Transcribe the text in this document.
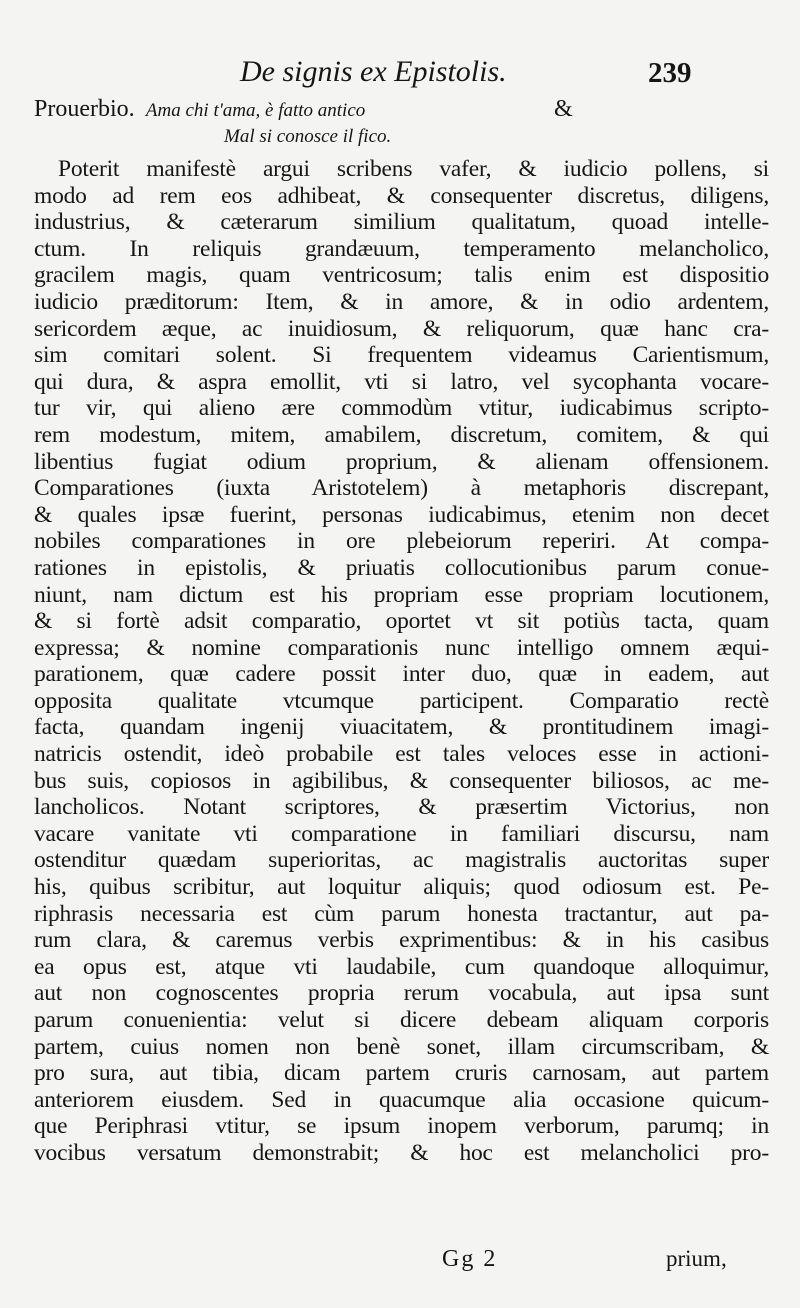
De signis ex Epistolis.	239
Prouerbio. Ama chi t'ama, è fatto antico	&
Mal si conosce il fico.
Poterit manifestè argui scribens vafer, & iudicio pollens, si
modo ad rem eos adhibeat, & consequenter discretus, diligens,
industrius, & cæterarum similium qualitatum, quoad intelle-
ctum. In reliquis grandæuum, temperamento melancholico,
gracilem magis, quam ventricosum; talis enim est dispositio
iudicio præditorum: Item, & in amore, & in odio ardentem,
sericordem æque, ac inuidiosum, & reliquorum, quæ hanc cra-
sim comitari solent. Si frequentem videamus Carientismum,
qui dura, & aspra emollit, vti si latro, vel sycophanta vocare-
tur vir, qui alieno ære commodùm vtitur, iudicabimus scripto-
rem modestum, mitem, amabilem, discretum, comitem, & qui
libentius fugiat odium proprium, & alienam offensionem.
Comparationes (iuxta Aristotelem) à metaphoris discrepant,
& quales ipsæ fuerint, personas iudicabimus, etenim non decet
nobiles comparationes in ore plebeiorum reperiri. At compa-
rationes in epistolis, & priuatis collocutionibus parum conue-
niunt, nam dictum est his propriam esse propriam locutionem,
& si fortè adsit comparatio, oportet vt sit potiùs tacta, quam
expressa; & nomine comparationis nunc intelligo omnem æqui-
parationem, quæ cadere possit inter duo, quæ in eadem, aut
opposita qualitate vtcumque participent. Comparatio rectè
facta, quandam ingenij viuacitatem, & prontitudinem imagi-
natricis ostendit, ideò probabile est tales veloces esse in actioni-
bus suis, copiosos in agibilibus, & consequenter biliosos, ac me-
lancholicos. Notant scriptores, & præsertim Victorius, non
vacare vanitate vti comparatione in familiari discursu, nam
ostenditur quædam superioritas, ac magistralis auctoritas super
his, quibus scribitur, aut loquitur aliquis; quod odiosum est. Pe-
riphrasis necessaria est cùm parum honesta tractantur, aut pa-
rum clara, & caremus verbis exprimentibus: & in his casibus
ea opus est, atque vti laudabile, cum quandoque alloquimur,
aut non cognoscentes propria rerum vocabula, aut ipsa sunt
parum conuenientia: velut si dicere debeam aliquam corporis
partem, cuius nomen non benè sonet, illam circumscribam, &
pro sura, aut tibia, dicam partem cruris carnosam, aut partem
anteriorem eiusdem. Sed in quacumque alia occasione quicum-
que Periphrasi vtitur, se ipsum inopem verborum, parumq; in
vocibus versatum demonstrabit; & hoc est melancholici pro-
Gg 2	prium,
